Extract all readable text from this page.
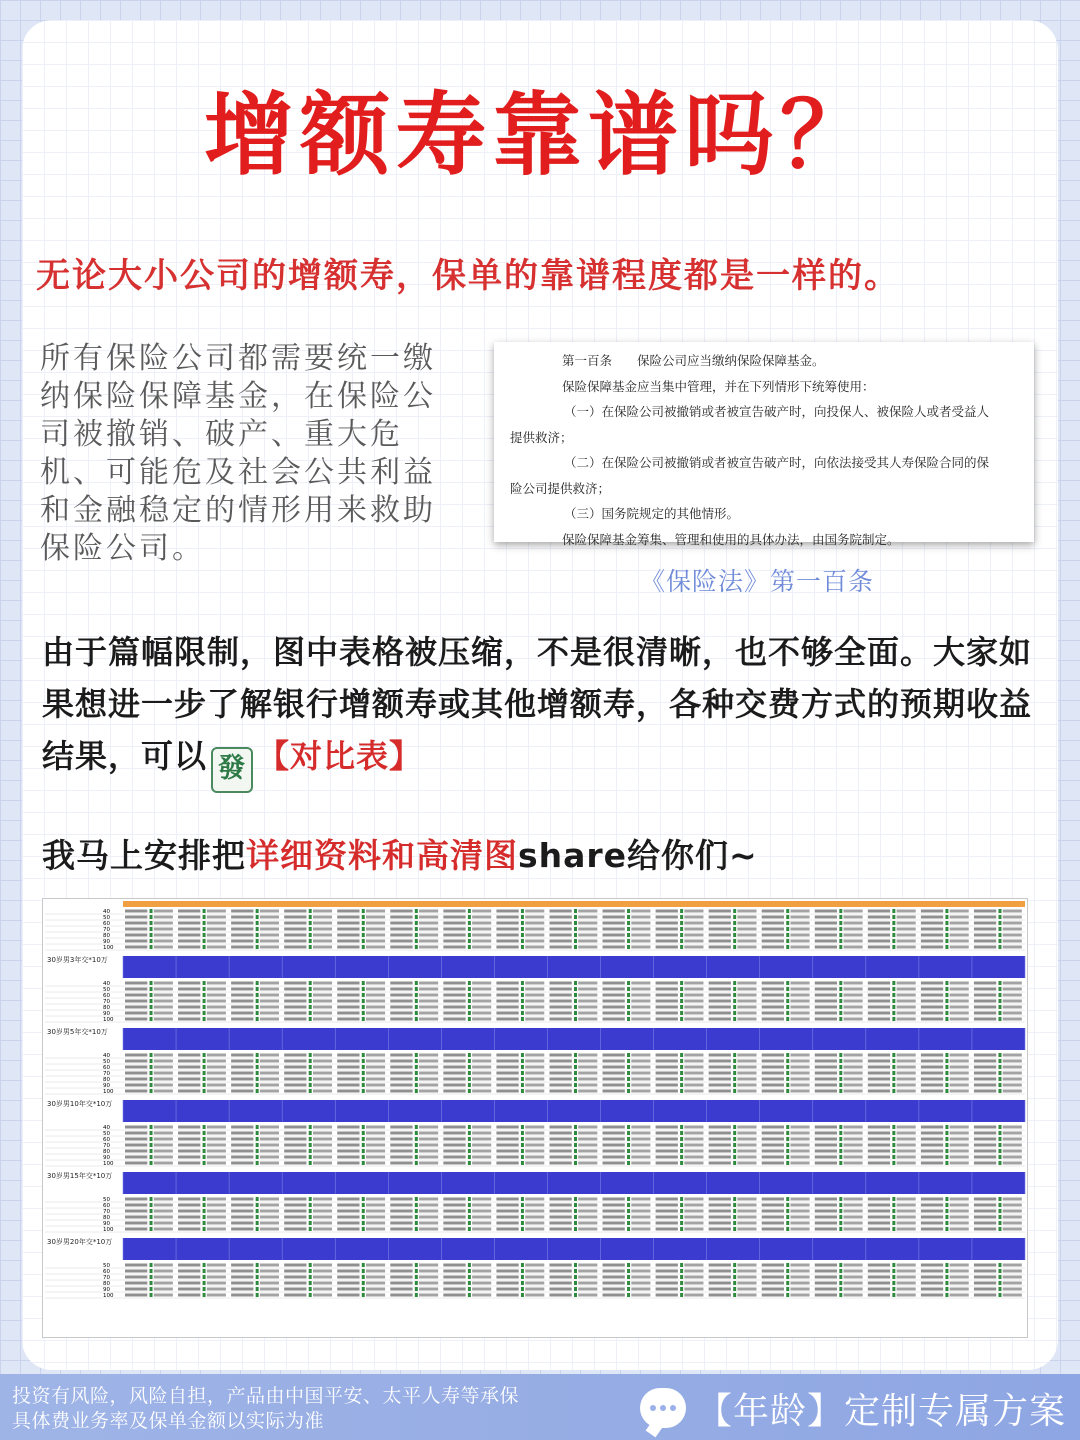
增额寿靠谱吗？
无论大小公司的增额寿，保单的靠谱程度都是一样的。
所有保险公司都需要统一缴纳保险保障基金，在保险公司被撤销、破产、重大危机、可能危及社会公共利益和金融稳定的情形用来救助保险公司。
第一百条　　保险公司应当缴纳保险保障基金。
保险保障基金应当集中管理，并在下列情形下统筹使用：
（一）在保险公司被撤销或者被宣告破产时，向投保人、被保险人或者受益人
提供救济；
（二）在保险公司被撤销或者被宣告破产时，向依法接受其人寿保险合同的保
险公司提供救济；
（三）国务院规定的其他情形。
保险保障基金筹集、管理和使用的具体办法，由国务院制定。
《保险法》第一百条
由于篇幅限制，图中表格被压缩，不是很清晰，也不够全面。大家如果想进一步了解银行增额寿或其他增额寿，各种交费方式的预期收益结果，可以 發 【对比表】
我马上安排把详细资料和高清图share给你们~
40
50
60
70
80
90
100
30岁男3年交*10万
40
50
60
70
80
90
100
30岁男5年交*10万
40
50
60
70
80
90
100
30岁男10年交*10万
40
50
60
70
80
90
100
30岁男15年交*10万
50
60
70
80
90
100
30岁男20年交*10万
50
60
70
80
90
100
投资有风险，风险自担，产品由中国平安、太平人寿等承保
具体费业务率及保单金额以实际为准	【年龄】定制专属方案
